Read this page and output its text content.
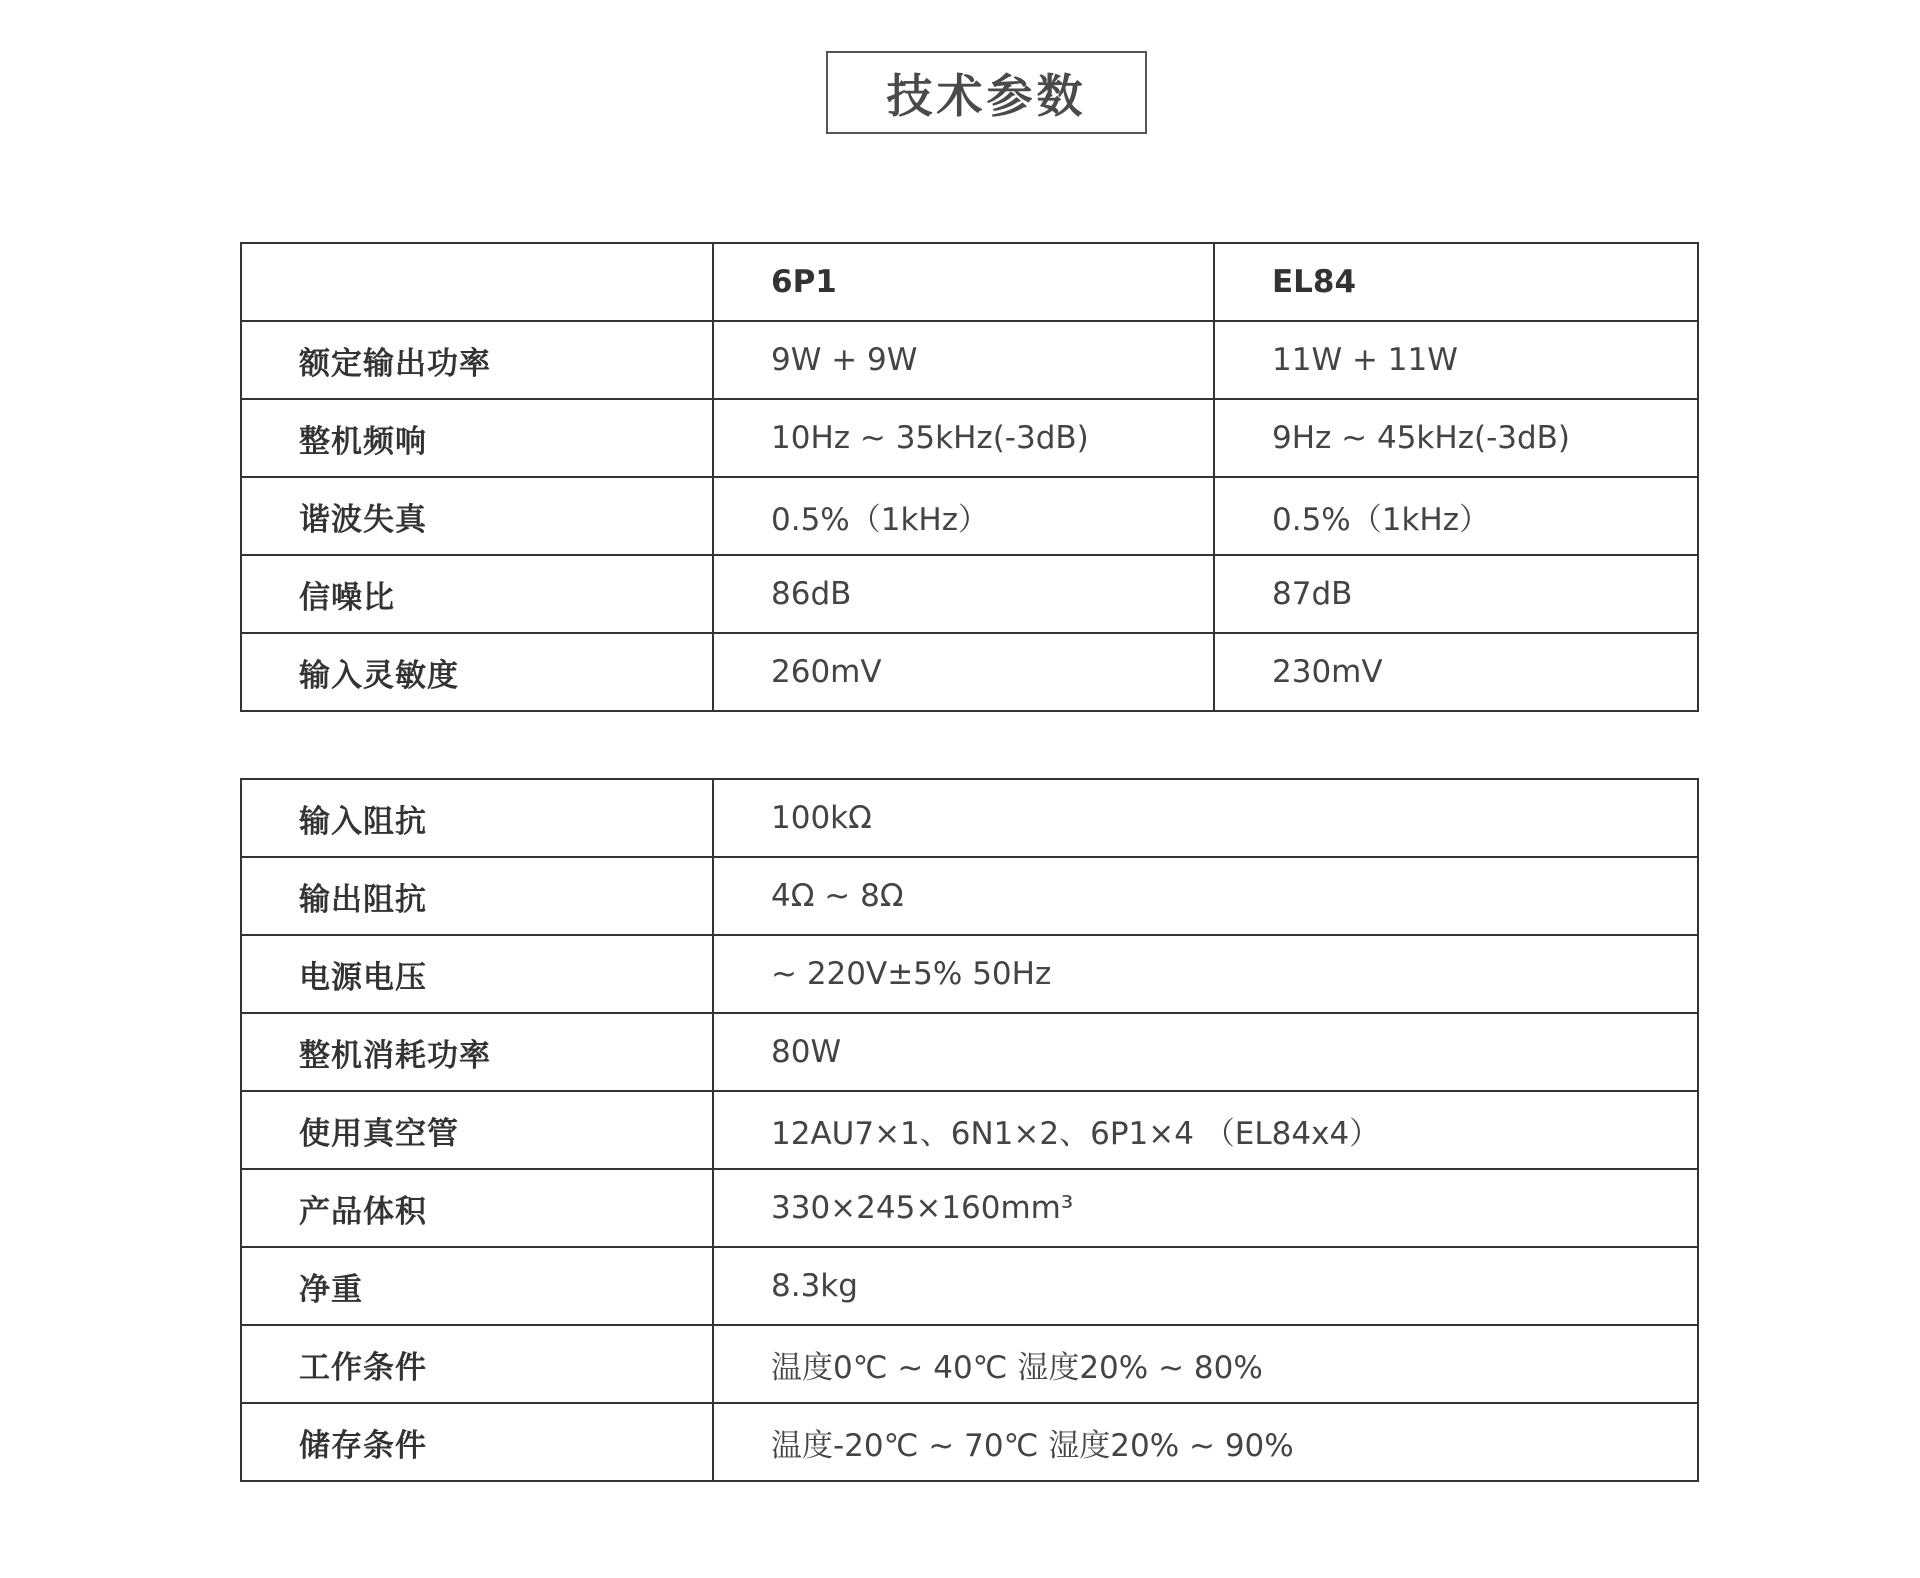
技术参数
	6P1	EL84
额定输出功率	9W + 9W	11W + 11W
整机频响	10Hz ~ 35kHz(-3dB)	9Hz ~ 45kHz(-3dB)
谐波失真	0.5%（1kHz）	0.5%（1kHz）
信噪比	86dB	87dB
输入灵敏度	260mV	230mV
输入阻抗	100kΩ
输出阻抗	4Ω ~ 8Ω
电源电压	~ 220V±5% 50Hz
整机消耗功率	80W
使用真空管	12AU7×1、6N1×2、6P1×4 （EL84x4）
产品体积	330×245×160mm³
净重	8.3kg
工作条件	温度0℃ ~ 40℃ 湿度20% ~ 80%
储存条件	温度-20℃ ~ 70℃ 湿度20% ~ 90%
